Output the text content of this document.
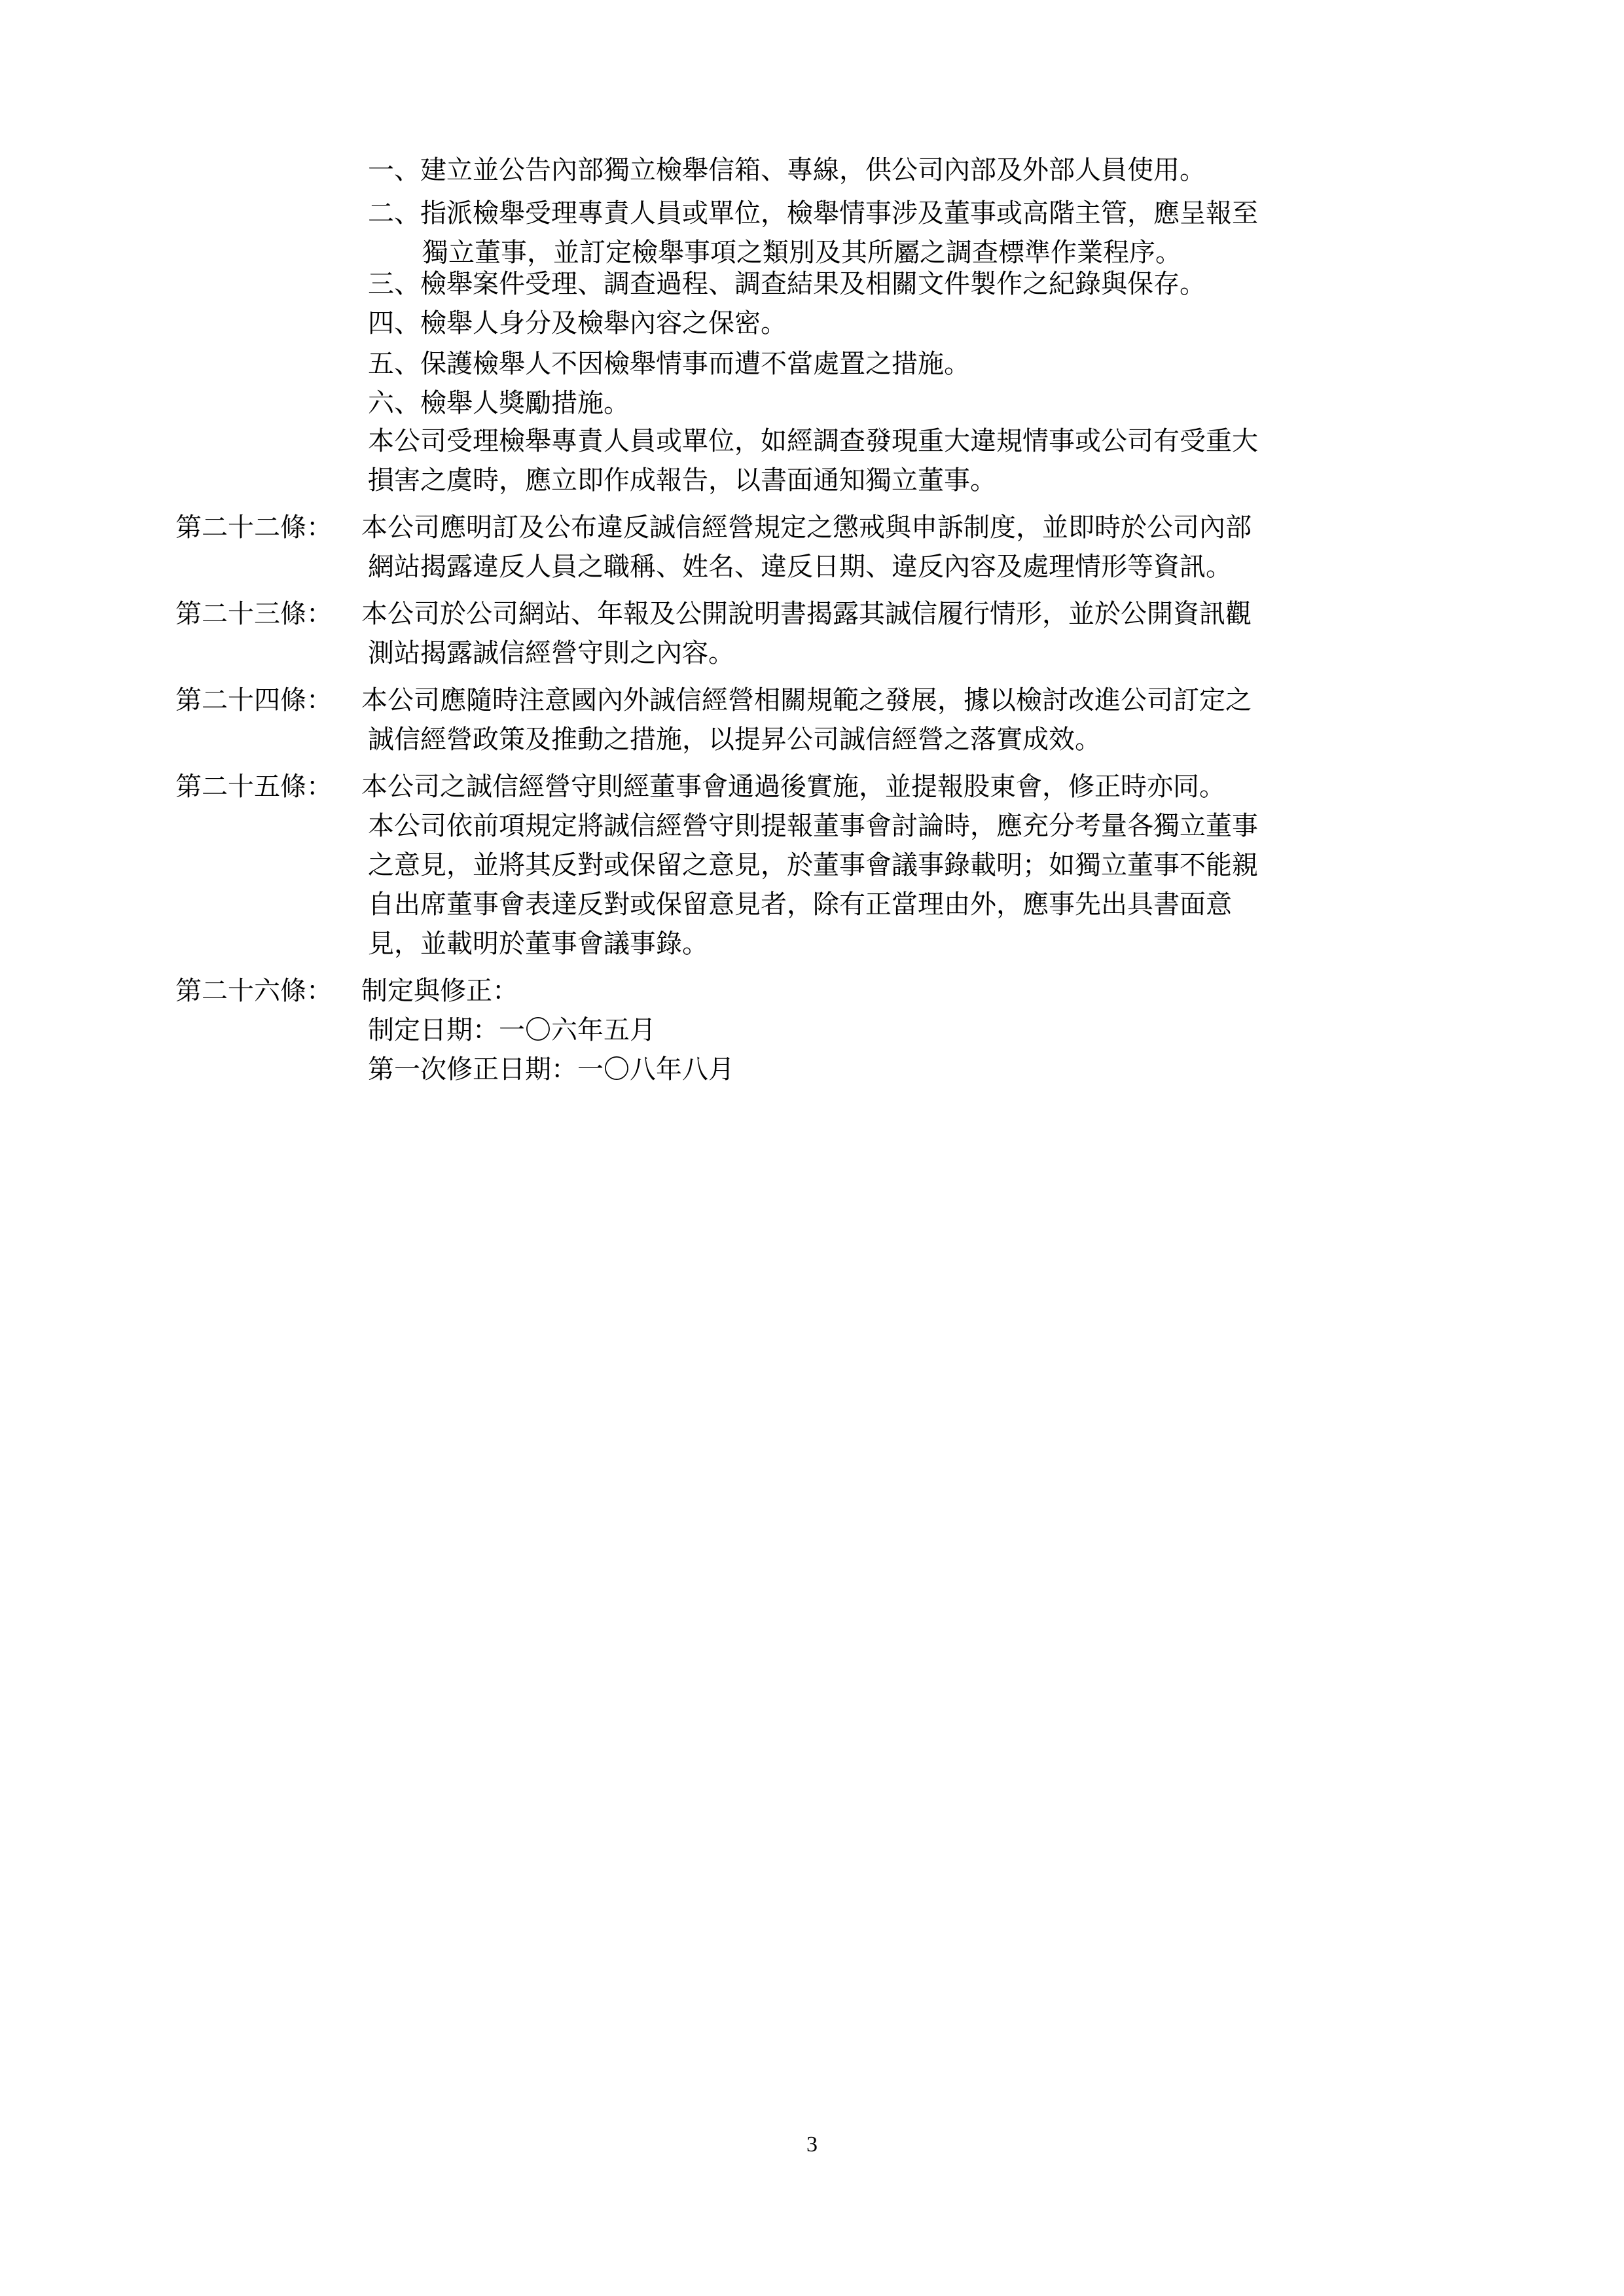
一、建立並公告內部獨立檢舉信箱、專線，供公司內部及外部人員使用。
二、指派檢舉受理專責人員或單位，檢舉情事涉及董事或高階主管，應呈報至
獨立董事，並訂定檢舉事項之類別及其所屬之調查標準作業程序。
三、檢舉案件受理、調查過程、調查結果及相關文件製作之紀錄與保存。
四、檢舉人身分及檢舉內容之保密。
五、保護檢舉人不因檢舉情事而遭不當處置之措施。
六、檢舉人獎勵措施。
本公司受理檢舉專責人員或單位，如經調查發現重大違規情事或公司有受重大
損害之虞時，應立即作成報告，以書面通知獨立董事。
第二十二條： 本公司應明訂及公布違反誠信經營規定之懲戒與申訴制度，並即時於公司內部
網站揭露違反人員之職稱、姓名、違反日期、違反內容及處理情形等資訊。
第二十三條： 本公司於公司網站、年報及公開說明書揭露其誠信履行情形，並於公開資訊觀
測站揭露誠信經營守則之內容。
第二十四條： 本公司應隨時注意國內外誠信經營相關規範之發展，據以檢討改進公司訂定之
誠信經營政策及推動之措施，以提昇公司誠信經營之落實成效。
第二十五條： 本公司之誠信經營守則經董事會通過後實施，並提報股東會，修正時亦同。
本公司依前項規定將誠信經營守則提報董事會討論時，應充分考量各獨立董事
之意見，並將其反對或保留之意見，於董事會議事錄載明；如獨立董事不能親
自出席董事會表達反對或保留意見者，除有正當理由外，應事先出具書面意
見，並載明於董事會議事錄。
第二十六條： 制定與修正：
制定日期：一〇六年五月
第一次修正日期：一〇八年八月
3
